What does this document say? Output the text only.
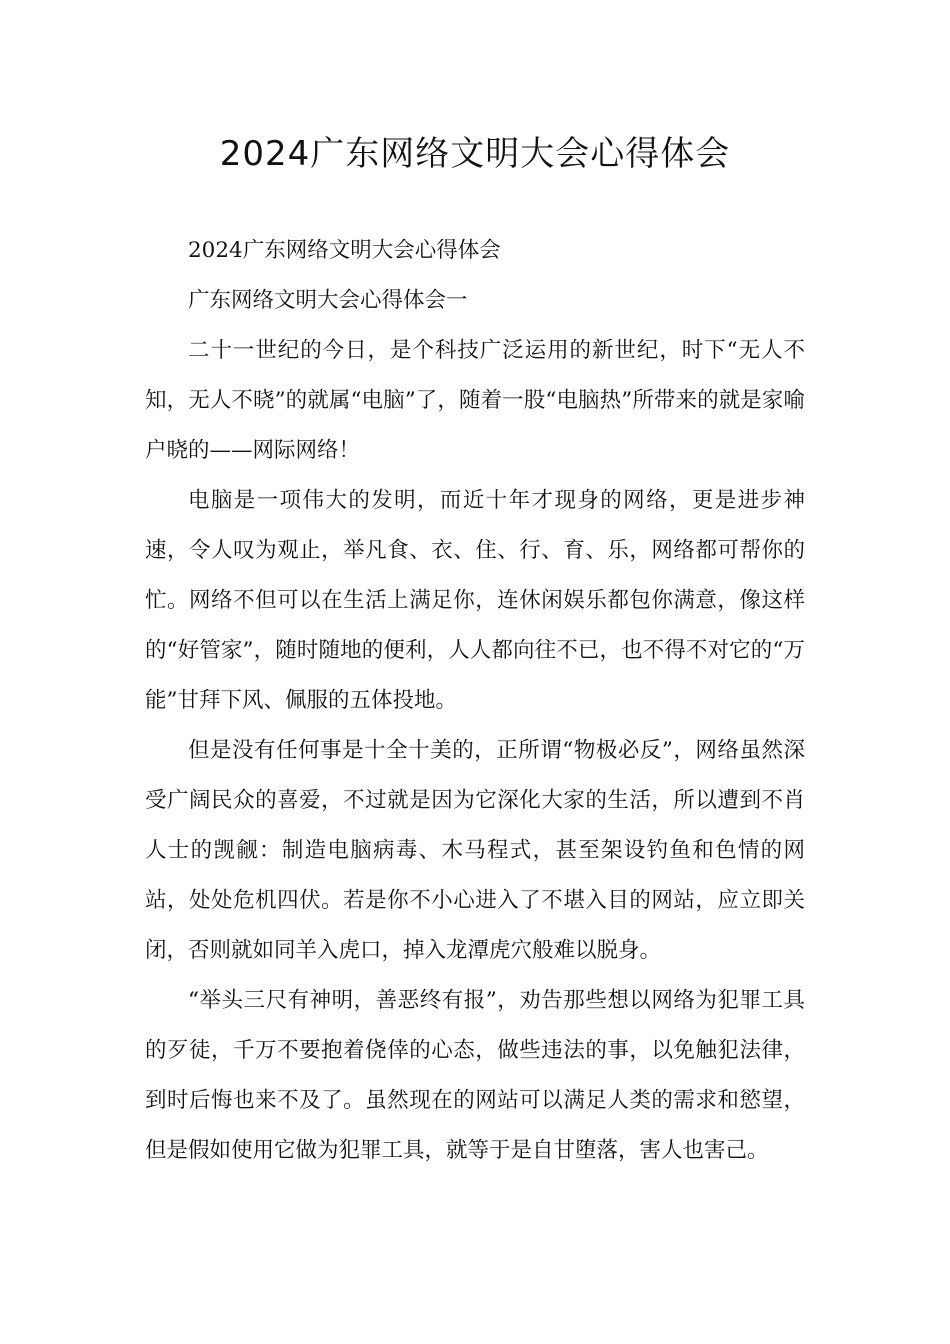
2024广东网络文明大会心得体会

2024广东网络文明大会心得体会

广东网络文明大会心得体会一

二十一世纪的今日，是个科技广泛运用的新世纪，时下“无人不知，无人不晓”的就属“电脑”了，随着一股“电脑热”所带来的就是家喻户晓的——网际网络！

电脑是一项伟大的发明，而近十年才现身的网络，更是进步神速，令人叹为观止，举凡食、衣、住、行、育、乐，网络都可帮你的忙。网络不但可以在生活上满足你，连休闲娱乐都包你满意，像这样的“好管家”，随时随地的便利，人人都向往不已，也不得不对它的“万能”甘拜下风、佩服的五体投地。

但是没有任何事是十全十美的，正所谓“物极必反”，网络虽然深受广阔民众的喜爱，不过就是因为它深化大家的生活，所以遭到不肖人士的觊觎：制造电脑病毒、木马程式，甚至架设钓鱼和色情的网站，处处危机四伏。若是你不小心进入了不堪入目的网站，应立即关闭，否则就如同羊入虎口，掉入龙潭虎穴般难以脱身。

“举头三尺有神明，善恶终有报”，劝告那些想以网络为犯罪工具的歹徒，千万不要抱着侥倖的心态，做些违法的事，以免触犯法律，到时后悔也来不及了。虽然现在的网站可以满足人类的需求和慾望，但是假如使用它做为犯罪工具，就等于是自甘堕落，害人也害己。
